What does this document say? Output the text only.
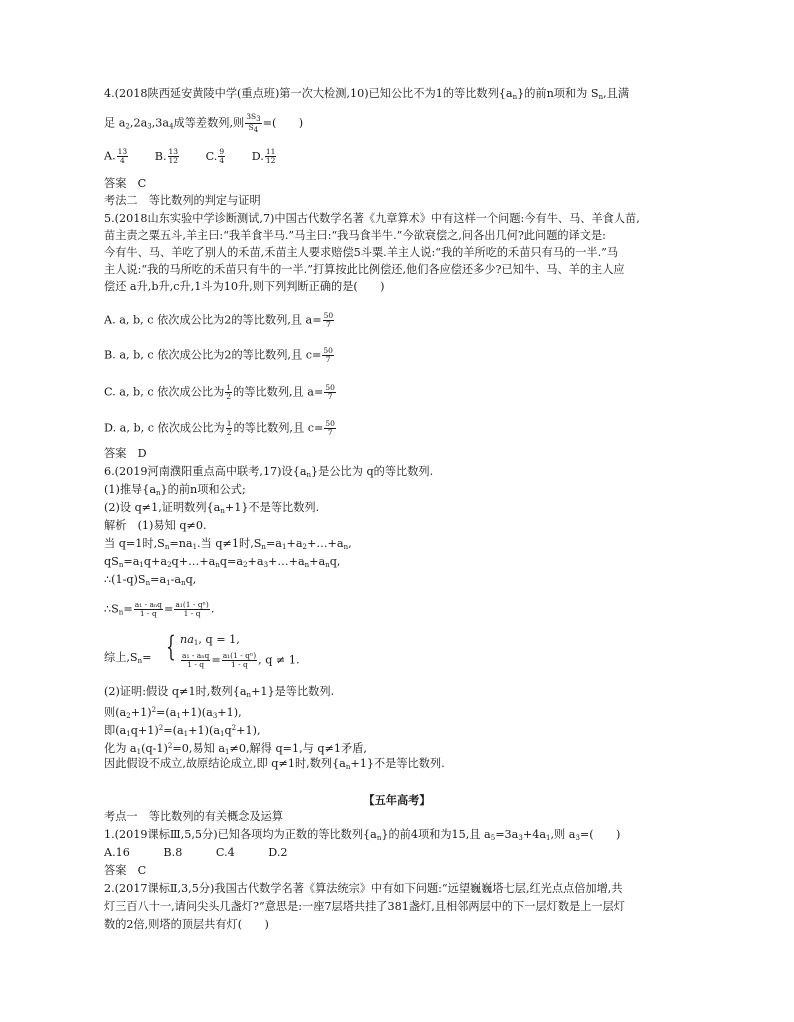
4.(2018陕西延安黄陵中学(重点班)第一次大检测,10)已知公比不为1的等比数列$\{a_n\}$的前n项和为 $S_n$,且满
足 $a_2,2a_3,3a_4$成等差数列,则 $\frac{3S3}{S4}$ =(　　)
A. $\frac{13}{4} B$. $\frac{13}{12} C$. $\frac{9}{4} D$. $\frac{11}{12}$
答案　C
考法二　等比数列的判定与证明
5.(2018山东实验中学诊断测试,7)中国古代数学名著《九章算术》中有这样一个问题:今有牛、马、羊食人苗,
苗主责之粟五斗,羊主曰:“我羊食半马.”马主曰:“我马食半牛.”今欲衰偿之,问各出几何?此问题的译文是:
今有牛、马、羊吃了别人的禾苗,禾苗主人要求赔偿5斗粟.羊主人说:“我的羊所吃的禾苗只有马的一半.”马
主人说:“我的马所吃的禾苗只有牛的一半.”打算按此比例偿还,他们各应偿还多少?已知牛、马、羊的主人应
偿还 a升,b升,c升,1斗为10升,则下列判断正确的是(　　)
A. a, b, c 依次成公比为2的等比数列,且 $a= \frac{50}{7}$
B. a, b, c 依次成公比为2的等比数列,且 $c= \frac{50}{7}$
C. a, b, c 依次成公比为 $\frac{1}{2}$ 的等比数列,且 $a= \frac{50}{7}$
D. a, b, c 依次成公比为 $\frac{1}{2}$ 的等比数列,且 $c= \frac{50}{7}$
答案　D
6.(2019河南濮阳重点高中联考,17)设$\{a_n\}$是公比为 q的等比数列.
(1)推导$\{a_n\}$的前n项和公式;
(2)设 q≠1,证明数列$\{a_n+1\}$不是等比数列.
解析　(1)易知 q≠0.
当 q=1时$,S_n=na_1$.当 q≠1时$,S_n=a_1+a_2+\dots+a_n$,
$qS_n=a_1q+a_2q+\dots+a_nq=a_2+a_3+\dots+a_n+a_nq$,
$\therefore(1-q)S_n=a_1-a_nq$,
$\therefore S_n= \frac{\text{a₁ - aₙq}}{1 - q} = \frac{\text{a₁(1 - qⁿ)}}{1 - q}$ .
综上$,S_n=$ { $na_1$, q = 1,
$\frac{\text{a₁ - aₙq}}{1 - q} = \frac{\text{a₁(1 - qⁿ)}}{1 - q}$ , q ≠ 1.
(2)证明:假设 q≠1时,数列$\{a_n+1\}$是等比数列.
则$(a_2+1)^2=(a_1+1)(a_3+1)$,
即$(a_1q+1)^2=(a_1+1)(a_1q^2+1)$,
化为 $a_1(q-1)^2=0$,易知 $a_1\ne 0$,解得 q=1,与 q≠1矛盾,
因此假设不成立,故原结论成立,即 q≠1时,数列$\{a_n+1\}$不是等比数列.
【五年高考】
考点一　等比数列的有关概念及运算
1.(2019课标Ⅲ,5,5分)已知各项均为正数的等比数列$\{a_n\}$的前4项和为15,且 $a_5=3a_3+4a_1$,则 $a_3=$(　　)
A.16　　　B.8　　　C.4　　　D.2
答案　C
2.(2017课标Ⅱ,3,5分)我国古代数学名著《算法统宗》中有如下问题:“远望巍巍塔七层,红光点点倍加增,共
灯三百八十一,请问尖头几盏灯?”意思是:一座7层塔共挂了381盏灯,且相邻两层中的下一层灯数是上一层灯
数的2倍,则塔的顶层共有灯(　　)
